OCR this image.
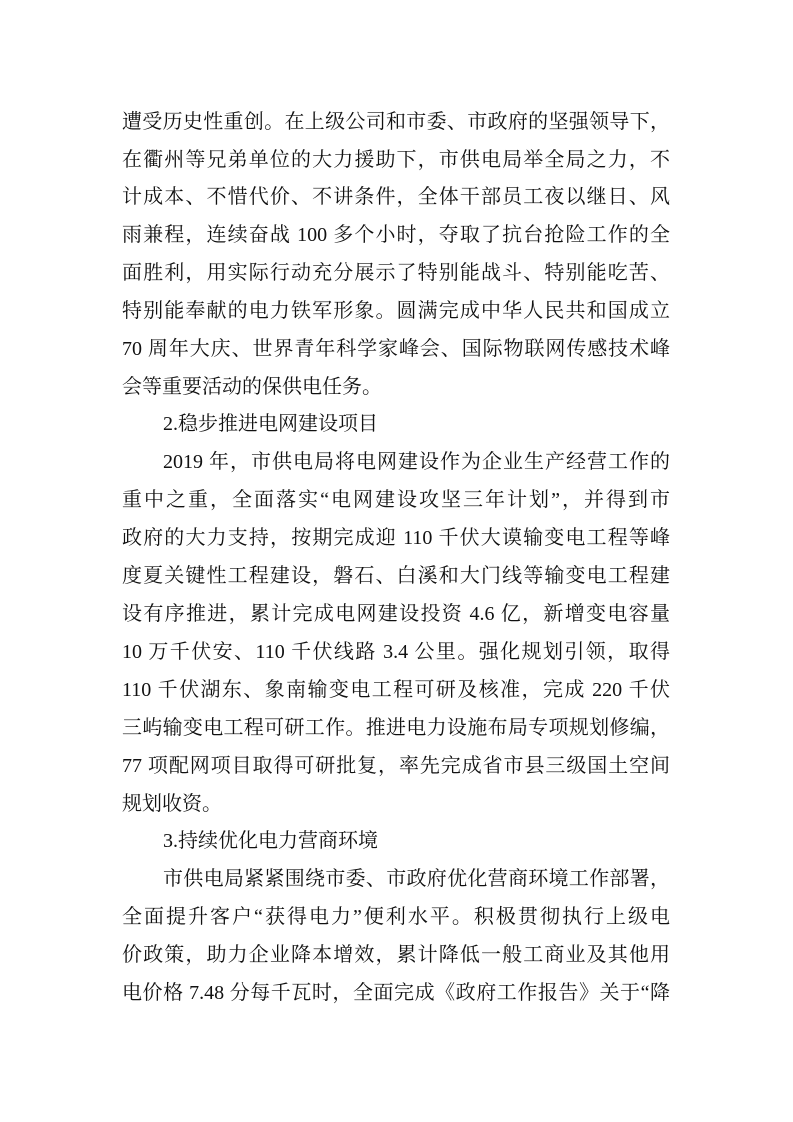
遭受历史性重创。在上级公司和市委、市政府的坚强领导下，
在衢州等兄弟单位的大力援助下，市供电局举全局之力，不
计成本、不惜代价、不讲条件，全体干部员工夜以继日、风
雨兼程，连续奋战 100 多个小时，夺取了抗台抢险工作的全
面胜利，用实际行动充分展示了特别能战斗、特别能吃苦、
特别能奉献的电力铁军形象。圆满完成中华人民共和国成立
70 周年大庆、世界青年科学家峰会、国际物联网传感技术峰
会等重要活动的保供电任务。
2.稳步推进电网建设项目
2019 年，市供电局将电网建设作为企业生产经营工作的
重中之重，全面落实“电网建设攻坚三年计划”，并得到市
政府的大力支持，按期完成迎 110 千伏大谟输变电工程等峰
度夏关键性工程建设，磐石、白溪和大门线等输变电工程建
设有序推进，累计完成电网建设投资 4.6 亿，新增变电容量
10 万千伏安、110 千伏线路 3.4 公里。强化规划引领，取得
110 千伏湖东、象南输变电工程可研及核准，完成 220 千伏
三屿输变电工程可研工作。推进电力设施布局专项规划修编，
77 项配网项目取得可研批复，率先完成省市县三级国土空间
规划收资。
3.持续优化电力营商环境
市供电局紧紧围绕市委、市政府优化营商环境工作部署，
全面提升客户“获得电力”便利水平。积极贯彻执行上级电
价政策，助力企业降本增效，累计降低一般工商业及其他用
电价格 7.48 分每千瓦时，全面完成《政府工作报告》关于“降
